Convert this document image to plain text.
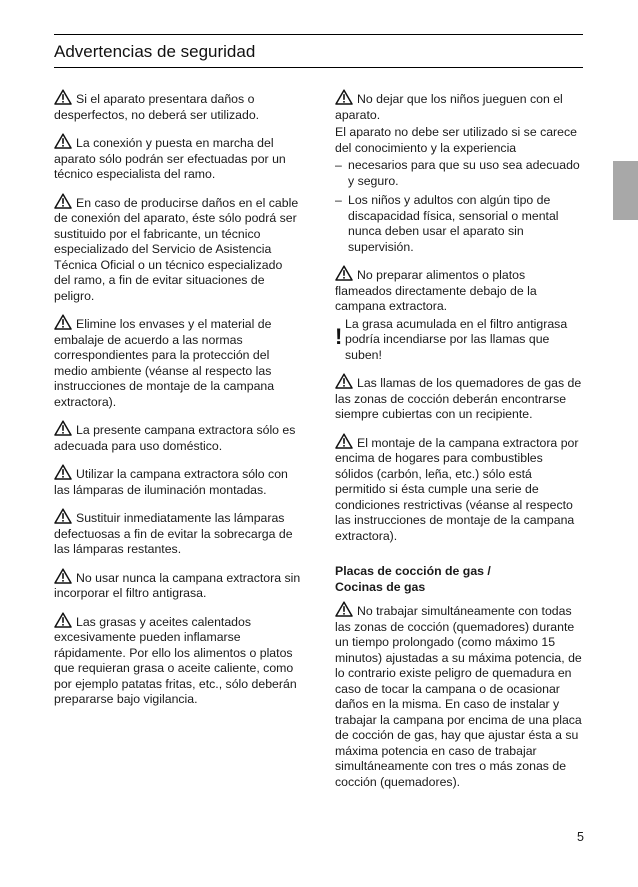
Advertencias de seguridad

Si el aparato presentara daños o desperfectos, no deberá ser utilizado.

La conexión y puesta en marcha del aparato sólo podrán ser efectuadas por un técnico especialista del ramo.

En caso de producirse daños en el cable de conexión del aparato, éste sólo podrá ser sustituido por el fabricante, un técnico especializado del Servicio de Asistencia Técnica Oficial o un técnico especializado del ramo, a fin de evitar situaciones de peligro.

Elimine los envases y el material de embalaje de acuerdo a las normas correspondientes para la protección del medio ambiente (véanse al respecto las instrucciones de montaje de la campana extractora).

La presente campana extractora sólo es adecuada para uso doméstico.

Utilizar la campana extractora sólo con las lámparas de iluminación montadas.

Sustituir inmediatamente las lámparas defectuosas a fin de evitar la sobrecarga de las lámparas restantes.

No usar nunca la campana extractora sin incorporar el filtro antigrasa.

Las grasas y aceites calentados excesivamente pueden inflamarse rápidamente. Por ello los alimentos o platos que requieran grasa o aceite caliente, como por ejemplo patatas fritas, etc., sólo deberán prepararse bajo vigilancia.

No dejar que los niños jueguen con el aparato.

El aparato no debe ser utilizado si se carece del conocimiento y la experiencia

– necesarios para que su uso sea adecuado y seguro.
– Los niños y adultos con algún tipo de discapacidad física, sensorial o mental nunca deben usar el aparato sin supervisión.

No preparar alimentos o platos flameados directamente debajo de la campana extractora.

! La grasa acumulada en el filtro antigrasa podría incendiarse por las llamas que suben!

Las llamas de los quemadores de gas de las zonas de cocción deberán encontrarse siempre cubiertas con un recipiente.

El montaje de la campana extractora por encima de hogares para combustibles sólidos (carbón, leña, etc.) sólo está permitido si ésta cumple una serie de condiciones restrictivas (véanse al respecto las instrucciones de montaje de la campana extractora).

Placas de cocción de gas /
Cocinas de gas

No trabajar simultáneamente con todas las zonas de cocción (quemadores) durante un tiempo prolongado (como máximo 15 minutos) ajustadas a su máxima potencia, de lo contrario existe peligro de quemadura en caso de tocar la campana o de ocasionar daños en la misma. En caso de instalar y trabajar la campana por encima de una placa de cocción de gas, hay que ajustar ésta a su máxima potencia en caso de trabajar simultáneamente con tres o más zonas de cocción (quemadores).

5
